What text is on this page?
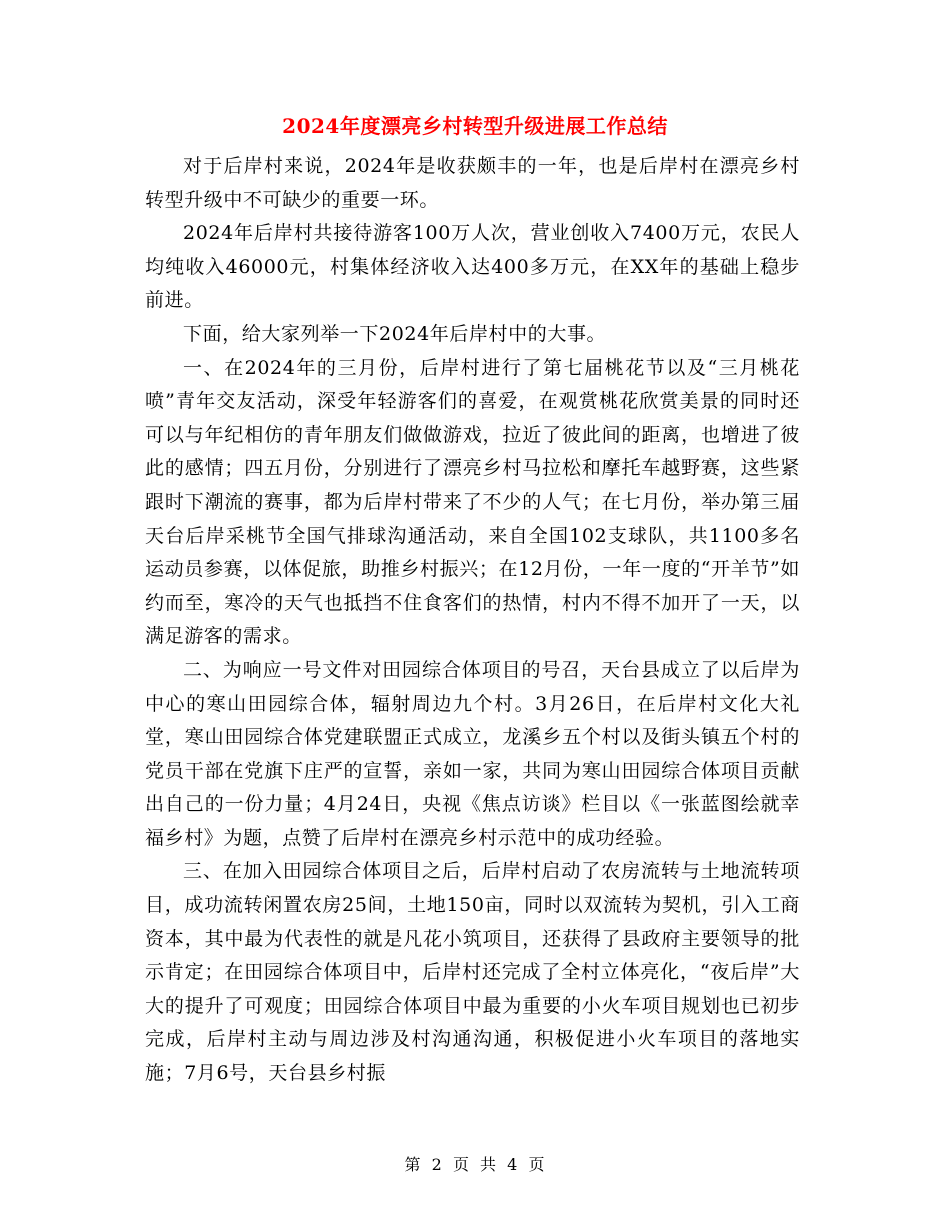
2024年度漂亮乡村转型升级进展工作总结

对于后岸村来说，2024年是收获颇丰的一年，也是后岸村在漂亮乡村转型升级中不可缺少的重要一环。

2024年后岸村共接待游客100万人次，营业创收入7400万元，农民人均纯收入46000元，村集体经济收入达400多万元，在XX年的基础上稳步前进。

下面，给大家列举一下2024年后岸村中的大事。

一、在2024年的三月份，后岸村进行了第七届桃花节以及“三月桃花喷”青年交友活动，深受年轻游客们的喜爱，在观赏桃花欣赏美景的同时还可以与年纪相仿的青年朋友们做做游戏，拉近了彼此间的距离，也增进了彼此的感情；四五月份，分别进行了漂亮乡村马拉松和摩托车越野赛，这些紧跟时下潮流的赛事，都为后岸村带来了不少的人气；在七月份，举办第三届天台后岸采桃节全国气排球沟通活动，来自全国102支球队，共1100多名运动员参赛，以体促旅，助推乡村振兴；在12月份，一年一度的“开羊节”如约而至，寒冷的天气也抵挡不住食客们的热情，村内不得不加开了一天，以满足游客的需求。

二、为响应一号文件对田园综合体项目的号召，天台县成立了以后岸为中心的寒山田园综合体，辐射周边九个村。3月26日，在后岸村文化大礼堂，寒山田园综合体党建联盟正式成立，龙溪乡五个村以及街头镇五个村的党员干部在党旗下庄严的宣誓，亲如一家，共同为寒山田园综合体项目贡献出自己的一份力量；4月24日，央视《焦点访谈》栏目以《一张蓝图绘就幸福乡村》为题，点赞了后岸村在漂亮乡村示范中的成功经验。

三、在加入田园综合体项目之后，后岸村启动了农房流转与土地流转项目，成功流转闲置农房25间，土地150亩，同时以双流转为契机，引入工商资本，其中最为代表性的就是凡花小筑项目，还获得了县政府主要领导的批示肯定；在田园综合体项目中，后岸村还完成了全村立体亮化，“夜后岸”大大的提升了可观度；田园综合体项目中最为重要的小火车项目规划也已初步完成，后岸村主动与周边涉及村沟通沟通，积极促进小火车项目的落地实施；7月6号，天台县乡村振

第 2 页 共 4 页
